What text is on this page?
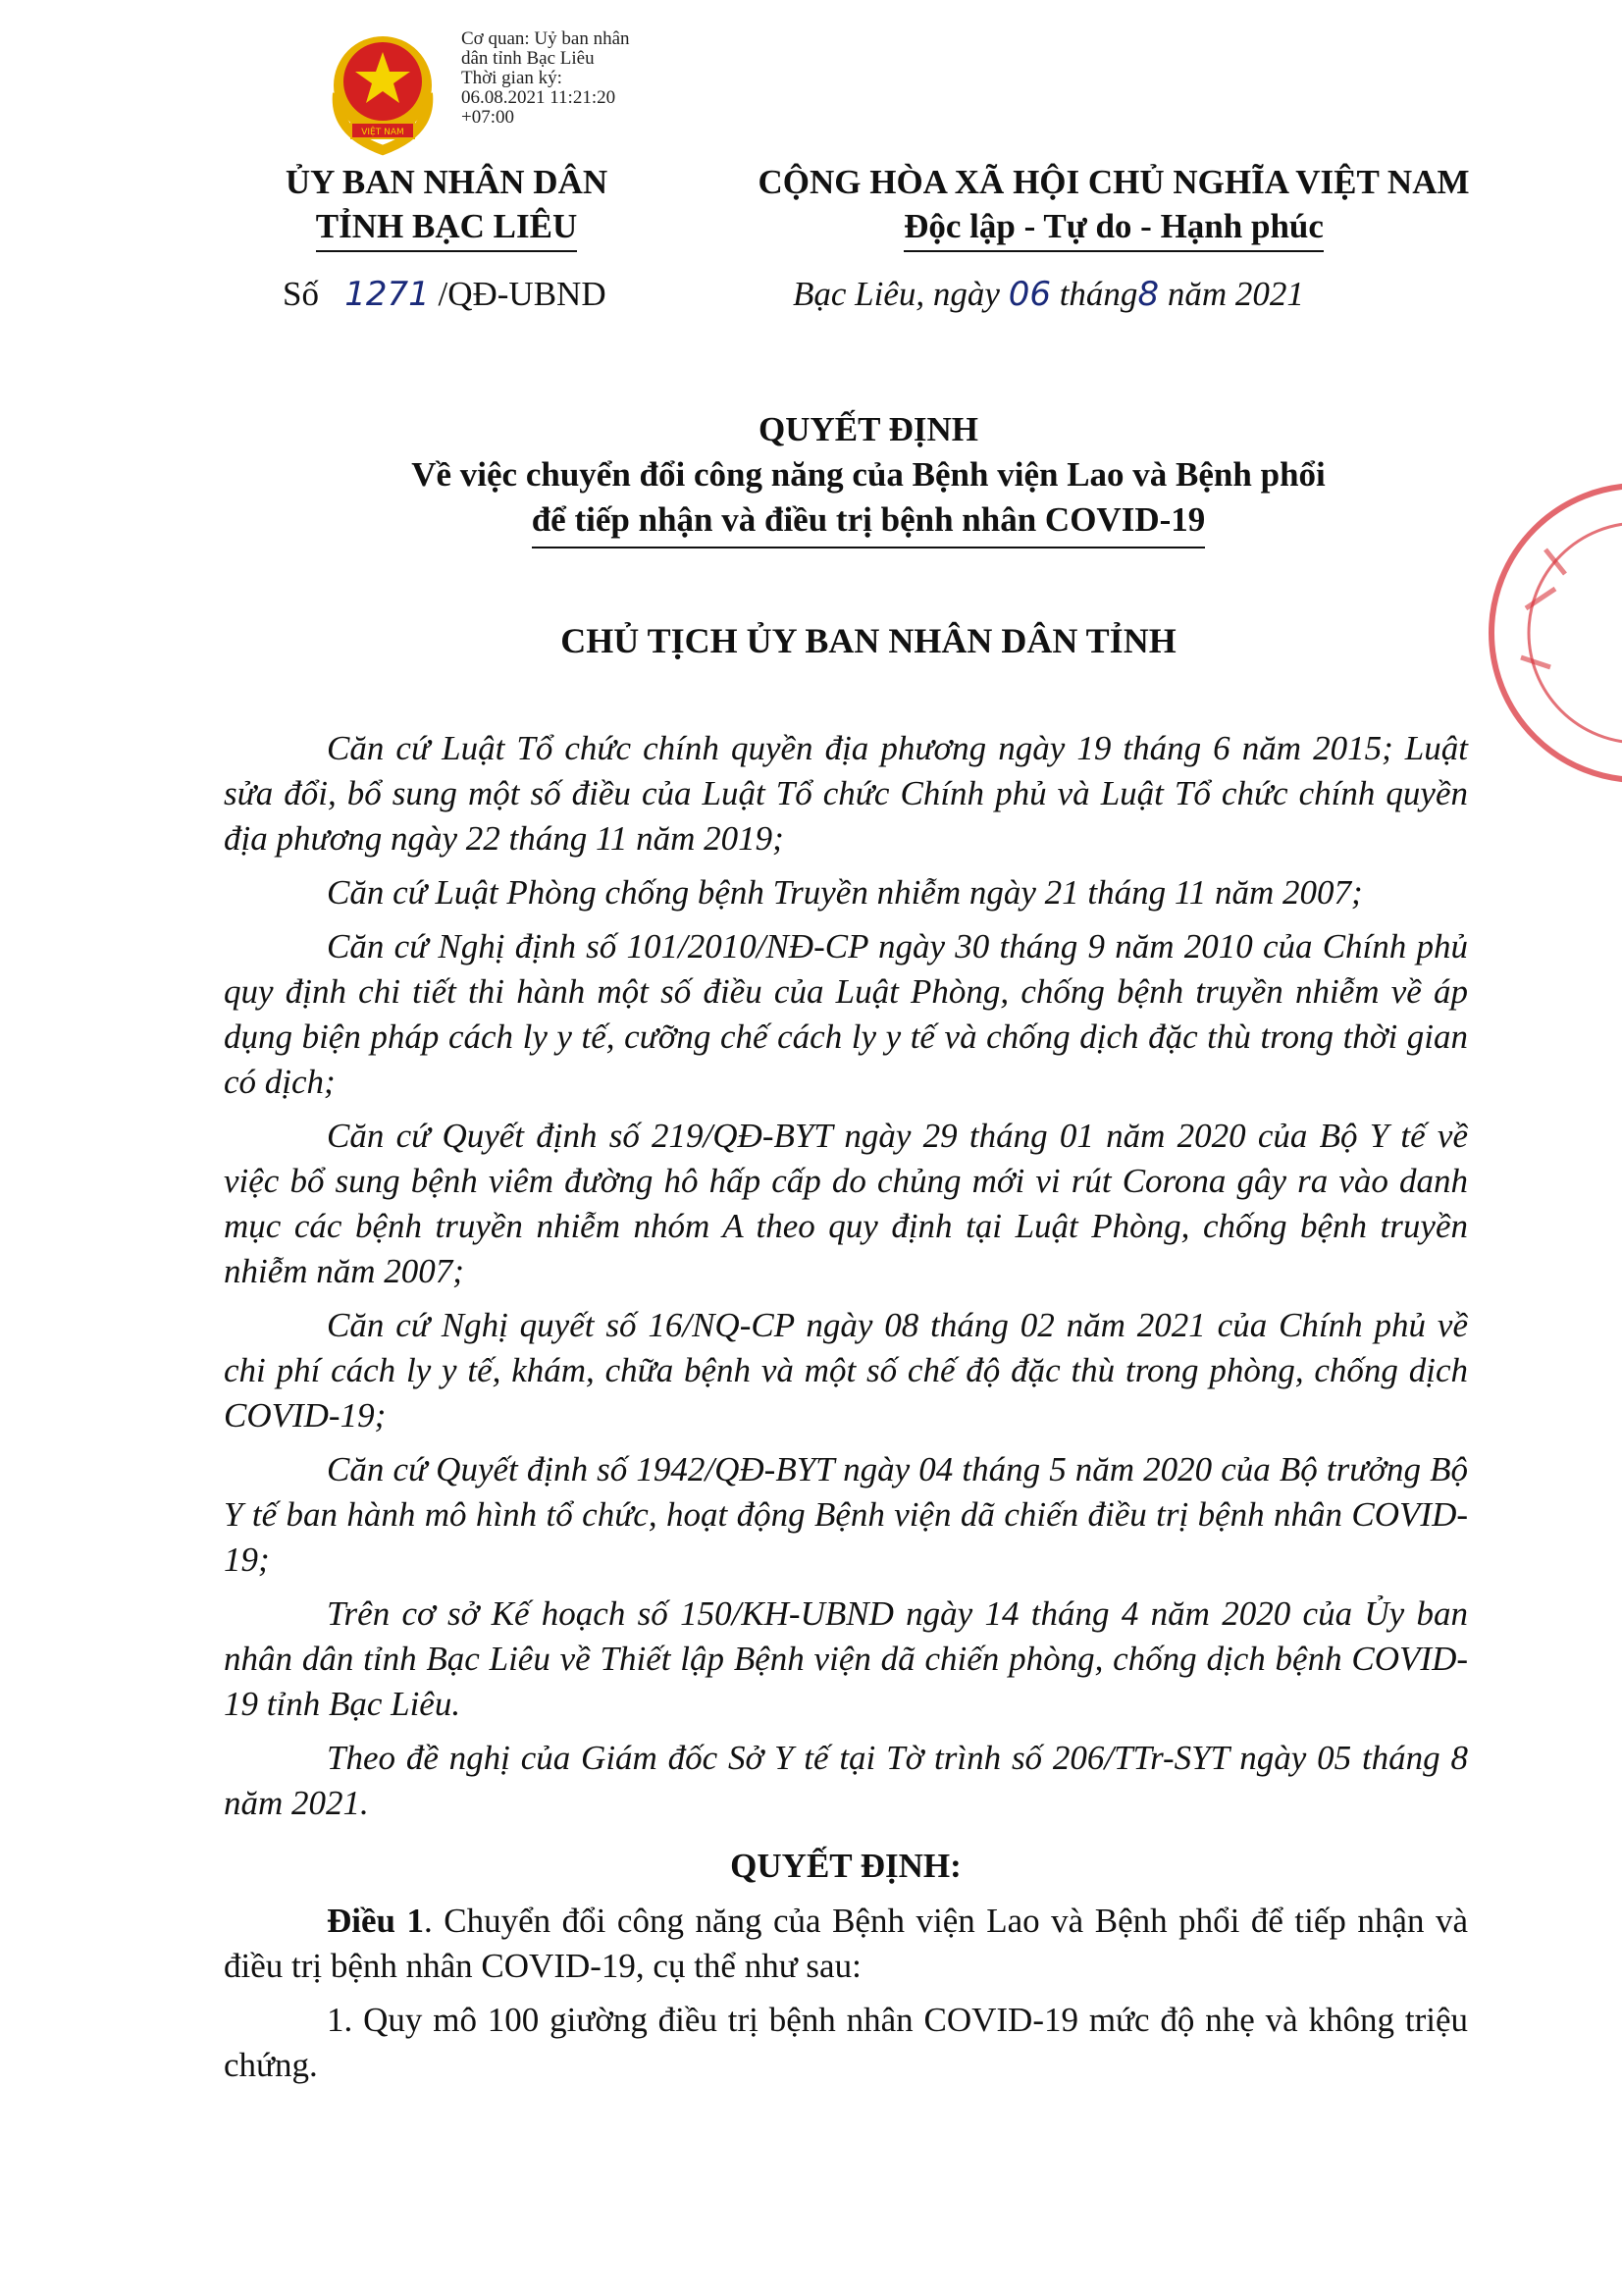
VIỆT NAM
Cơ quan: Uỷ ban nhân
dân tỉnh Bạc Liêu
Thời gian ký:
06.08.2021 11:21:20
+07:00
ỦY BAN NHÂN DÂN
TỈNH BẠC LIÊU
CỘNG HÒA XÃ HỘI CHỦ NGHĨA VIỆT NAM
Độc lập - Tự do - Hạnh phúc
Số 1271 /QĐ-UBND	Bạc Liêu, ngày 06 tháng8 năm 2021
QUYẾT ĐỊNH
Về việc chuyển đổi công năng của Bệnh viện Lao và Bệnh phổi
để tiếp nhận và điều trị bệnh nhân COVID-19
CHỦ TỊCH ỦY BAN NHÂN DÂN TỈNH
Căn cứ Luật Tổ chức chính quyền địa phương ngày 19 tháng 6 năm 2015; Luật sửa đổi, bổ sung một số điều của Luật Tổ chức Chính phủ và Luật Tổ chức chính quyền địa phương ngày 22 tháng 11 năm 2019;
Căn cứ Luật Phòng chống bệnh Truyền nhiễm ngày 21 tháng 11 năm 2007;
Căn cứ Nghị định số 101/2010/NĐ-CP ngày 30 tháng 9 năm 2010 của Chính phủ quy định chi tiết thi hành một số điều của Luật Phòng, chống bệnh truyền nhiễm về áp dụng biện pháp cách ly y tế, cưỡng chế cách ly y tế và chống dịch đặc thù trong thời gian có dịch;
Căn cứ Quyết định số 219/QĐ-BYT ngày 29 tháng 01 năm 2020 của Bộ Y tế về việc bổ sung bệnh viêm đường hô hấp cấp do chủng mới vi rút Corona gây ra vào danh mục các bệnh truyền nhiễm nhóm A theo quy định tại Luật Phòng, chống bệnh truyền nhiễm năm 2007;
Căn cứ Nghị quyết số 16/NQ-CP ngày 08 tháng 02 năm 2021 của Chính phủ về chi phí cách ly y tế, khám, chữa bệnh và một số chế độ đặc thù trong phòng, chống dịch COVID-19;
Căn cứ Quyết định số 1942/QĐ-BYT ngày 04 tháng 5 năm 2020 của Bộ trưởng Bộ Y tế ban hành mô hình tổ chức, hoạt động Bệnh viện dã chiến điều trị bệnh nhân COVID-19;
Trên cơ sở Kế hoạch số 150/KH-UBND ngày 14 tháng 4 năm 2020 của Ủy ban nhân dân tỉnh Bạc Liêu về Thiết lập Bệnh viện dã chiến phòng, chống dịch bệnh COVID-19 tỉnh Bạc Liêu.
Theo đề nghị của Giám đốc Sở Y tế tại Tờ trình số 206/TTr-SYT ngày 05 tháng 8 năm 2021.
QUYẾT ĐỊNH:
Điều 1. Chuyển đổi công năng của Bệnh viện Lao và Bệnh phổi để tiếp nhận và điều trị bệnh nhân COVID-19, cụ thể như sau:
1. Quy mô 100 giường điều trị bệnh nhân COVID-19 mức độ nhẹ và không triệu chứng.
